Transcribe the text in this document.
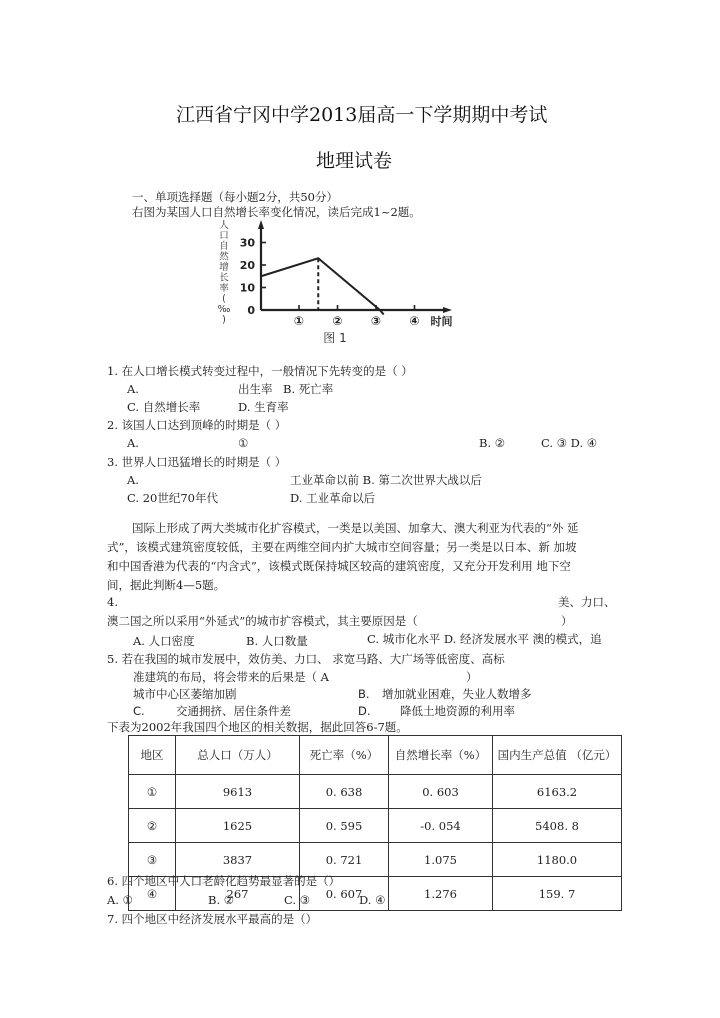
江西省宁冈中学2013届高一下学期期中考试
地理试卷
一、单项选择题（每小题2分，共50分）
右图为某国人口自然增长率变化情况，读后完成1~2题。
0
10
20
30
① ② ③ ④ 时间
人
口
自
然
增
长
率
(
‰
)
图 1
1. 在人口增长模式转变过程中，一般情况下先转变的是（ ）
A.	出生率 B. 死亡率
C. 自然增长率	D. 生育率
2. 该国人口达到顶峰的时期是（ ）
A.	①	B. ②	C. ③ D. ④
3. 世界人口迅猛增长的时期是（ ）
A.	工业革命以前 B. 第二次世界大战以后
C. 20世纪70年代	D. 工业革命以后
国际上形成了两大类城市化扩容模式，一类是以美国、加拿大、澳大利亚为代表的“外 延
式”，该模式建筑密度较低，主要在两维空间内扩大城市空间容量；另一类是以日本、新 加坡
和中国香港为代表的“内含式”，该模式既保持城区较高的建筑密度，又充分开发利用 地下空
间，据此判断4—5题。
4.	美、力口、
澳二国之所以采用“外延式”的城市扩容模式，其主要原因是（	）
A. 人口密度	B. 人口数量	C. 城市化水平 D. 经济发展水平 澳的模式，追
5. 若在我国的城市发展中，效仿美、力口、 求宽马路、大广场等低密度、高标
准建筑的布局，将会带来的后果是（ A	）
城市中心区萎缩加剧	B. 增加就业困难，失业人数增多
C.	交通拥挤、居住条件差	D.	降低土地资源的利用率
下表为2002年我国四个地区的相关数据，据此回答6-7题。
地区	总人口（万人）	死亡率（%）	自然增长率（%）	国内生产总值 （亿元）
①	9613	0. 638	0. 603	6163.2
②	1625	0. 595	-0. 054	5408. 8
③	3837	0. 721	1.075	1180.0
④	267	0. 607	1.276	159. 7
6. 四个地区中人口老龄化趋势最显著的是（）
A. ①	B. ②	C. ③	D. ④
7. 四个地区中经济发展水平最高的是（）
